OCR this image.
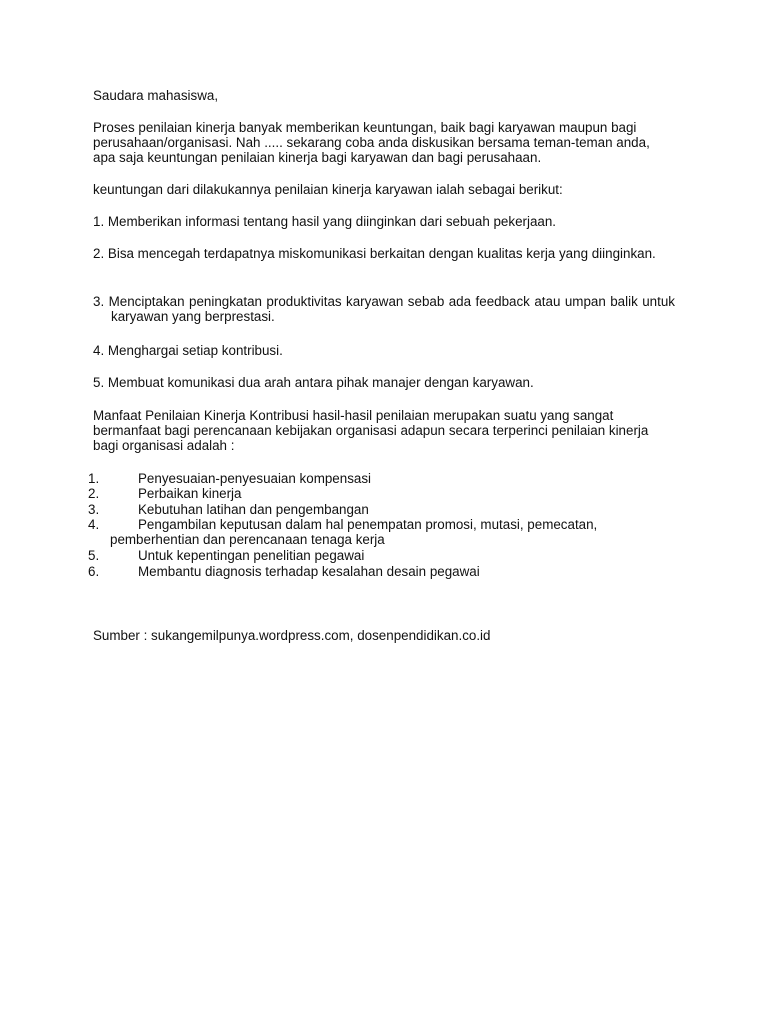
Saudara mahasiswa,

Proses penilaian kinerja banyak memberikan keuntungan, baik bagi karyawan maupun bagi perusahaan/organisasi. Nah ..... sekarang coba anda diskusikan bersama teman-teman anda, apa saja keuntungan penilaian kinerja bagi karyawan dan bagi perusahaan.

keuntungan dari dilakukannya penilaian kinerja karyawan ialah sebagai berikut:

1. Memberikan informasi tentang hasil yang diinginkan dari sebuah pekerjaan.

2. Bisa mencegah terdapatnya miskomunikasi berkaitan dengan kualitas kerja yang diinginkan.

3. Menciptakan peningkatan produktivitas karyawan sebab ada feedback atau umpan balik untuk karyawan yang berprestasi.

4. Menghargai setiap kontribusi.

5. Membuat komunikasi dua arah antara pihak manajer dengan karyawan.

Manfaat Penilaian Kinerja Kontribusi hasil-hasil penilaian merupakan suatu yang sangat bermanfaat bagi perencanaan kebijakan organisasi adapun secara terperinci penilaian kinerja bagi organisasi adalah :

1.	Penyesuaian-penyesuaian kompensasi
2.	Perbaikan kinerja
3.	Kebutuhan latihan dan pengembangan
4.	Pengambilan keputusan dalam hal penempatan promosi, mutasi, pemecatan,
pemberhentian dan perencanaan tenaga kerja
5.	Untuk kepentingan penelitian pegawai
6.	Membantu diagnosis terhadap kesalahan desain pegawai

Sumber : sukangemilpunya.wordpress.com, dosenpendidikan.co.id
